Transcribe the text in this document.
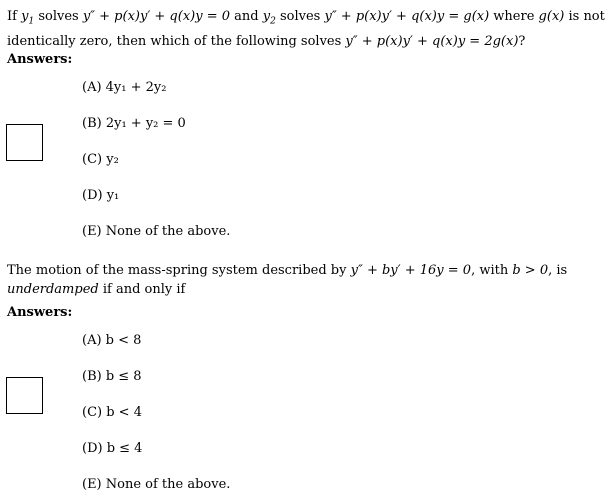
If $y_1$ solves y″ + p(x)y′ + q(x)y = 0 and $y_2$ solves y″ + p(x)y′ + q(x)y = g(x) where g(x) is not identically zero, then which of the following solves y″ + p(x)y′ + q(x)y = 2g(x)?

Answers:
(A) 4y₁ + 2y₂
(B) 2y₁ + y₂ = 0
(C) y₂
(D) y₁
(E) None of the above.

The motion of the mass-spring system described by y″ + by′ + 16y = 0, with b > 0, is underdamped if and only if

Answers:
(A) b < 8
(B) b ≤ 8
(C) b < 4
(D) b ≤ 4
(E) None of the above.
